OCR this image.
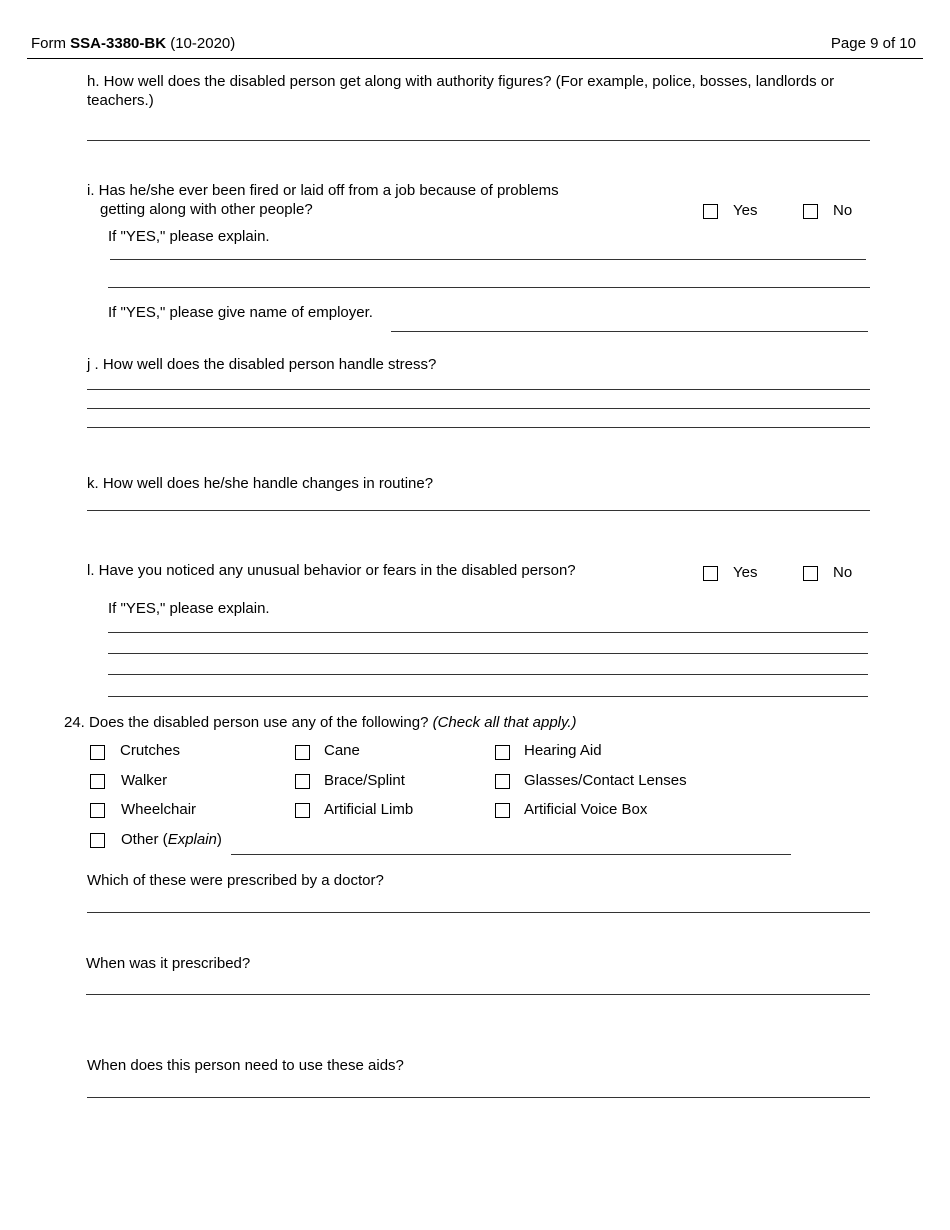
Form SSA-3380-BK (10-2020)	Page 9 of 10
h. How well does the disabled person get along with authority figures? (For example, police, bosses, landlords or
teachers.)
i. Has he/she ever been fired or laid off from a job because of problems
getting along with other people?	Yes	No
If "YES," please explain.
If "YES," please give name of employer.
j . How well does the disabled person handle stress?
k. How well does he/she handle changes in routine?
l. Have you noticed any unusual behavior or fears in the disabled person?	Yes	No
If "YES," please explain.
24. Does the disabled person use any of the following? (Check all that apply.)
Crutches	Cane	Hearing Aid
Walker	Brace/Splint	Glasses/Contact Lenses
Wheelchair	Artificial Limb	Artificial Voice Box
Other (Explain)
Which of these were prescribed by a doctor?
When was it prescribed?
When does this person need to use these aids?
